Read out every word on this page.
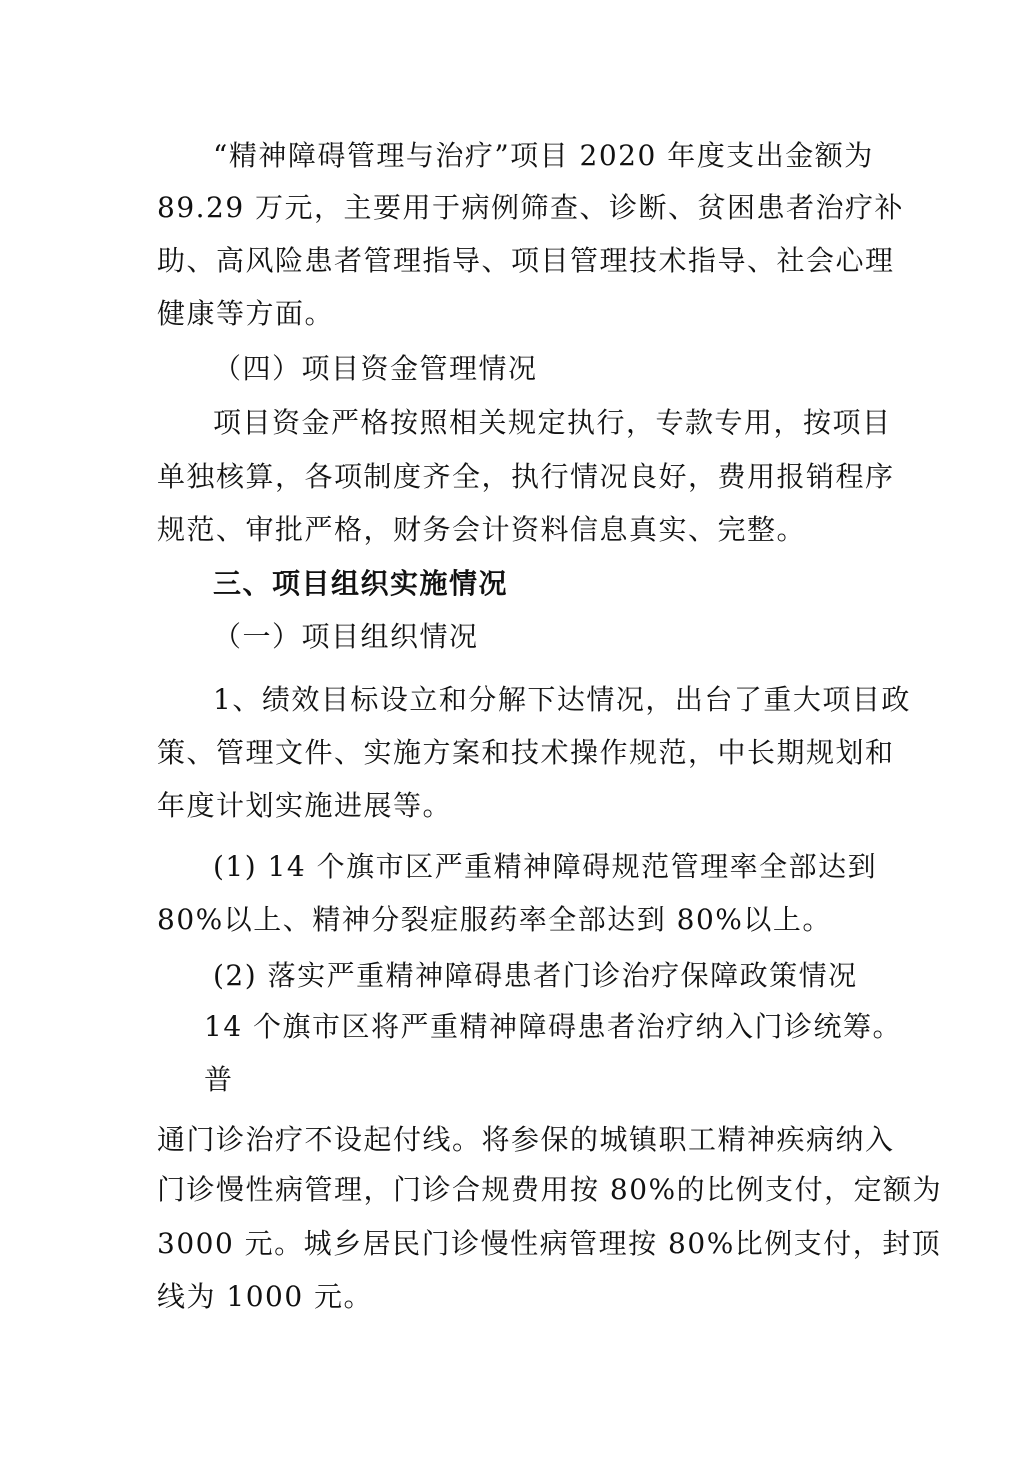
“精神障碍管理与治疗”项目 2020 年度支出金额为
89.29 万元，主要用于病例筛查、诊断、贫困患者治疗补
助、高风险患者管理指导、项目管理技术指导、社会心理
健康等方面。
（四）项目资金管理情况
项目资金严格按照相关规定执行，专款专用，按项目
单独核算，各项制度齐全，执行情况良好，费用报销程序
规范、审批严格，财务会计资料信息真实、完整。
三、项目组织实施情况
（一）项目组织情况
1、绩效目标设立和分解下达情况，出台了重大项目政
策、管理文件、实施方案和技术操作规范，中长期规划和
年度计划实施进展等。
(1) 14 个旗市区严重精神障碍规范管理率全部达到
80%以上、精神分裂症服药率全部达到 80%以上。
(2) 落实严重精神障碍患者门诊治疗保障政策情况
14 个旗市区将严重精神障碍患者治疗纳入门诊统筹。
普
通门诊治疗不设起付线。将参保的城镇职工精神疾病纳入
门诊慢性病管理，门诊合规费用按 80%的比例支付，定额为
3000 元。城乡居民门诊慢性病管理按 80%比例支付，封顶
线为 1000 元。
